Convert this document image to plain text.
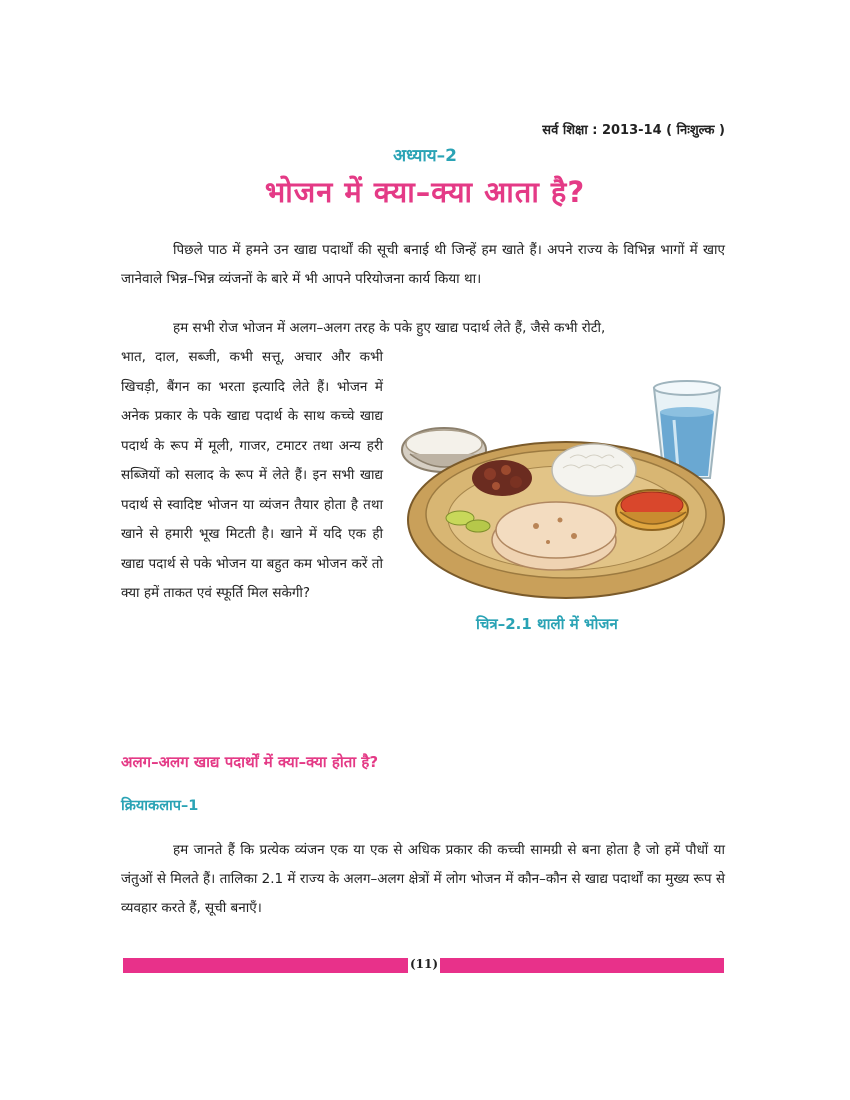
सर्व शिक्षा : 2013-14 ( निःशुल्क )
अध्याय–2
भोजन में क्या–क्या आता है?

पिछले पाठ में हमने उन खाद्य पदार्थों की सूची बनाई थी जिन्हें हम खाते हैं। अपने राज्य के विभिन्न भागों में खाए जानेवाले भिन्न–भिन्न व्यंजनों के बारे में भी आपने परियोजना कार्य किया था।

हम सभी रोज भोजन में अलग–अलग तरह के पके हुए खाद्य पदार्थ लेते हैं, जैसे कभी रोटी,

भात, दाल, सब्जी, कभी सत्तू, अचार और कभी खिचड़ी, बैंगन का भरता इत्यादि लेते हैं। भोजन में अनेक प्रकार के पके खाद्य पदार्थ के साथ कच्चे खाद्य पदार्थ के रूप में मूली, गाजर, टमाटर तथा अन्य हरी सब्जियों को सलाद के रूप में लेते हैं। इन सभी खाद्य पदार्थ से स्वादिष्ट भोजन या व्यंजन तैयार होता है तथा खाने से हमारी भूख मिटती है। खाने में यदि एक ही खाद्य पदार्थ से पके भोजन या बहुत कम भोजन करें तो क्या हमें ताकत एवं स्फूर्ति मिल सकेगी?

चित्र–2.1 थाली में भोजन
अलग–अलग खाद्य पदार्थों में क्या–क्या होता है?
क्रियाकलाप–1

हम जानते हैं कि प्रत्येक व्यंजन एक या एक से अधिक प्रकार की कच्ची सामग्री से बना होता है जो हमें पौधों या जंतुओं से मिलते हैं। तालिका 2.1 में राज्य के अलग–अलग क्षेत्रों में लोग भोजन में कौन–कौन से खाद्य पदार्थों का मुख्य रूप से व्यवहार करते हैं, सूची बनाएँ।

(11)
